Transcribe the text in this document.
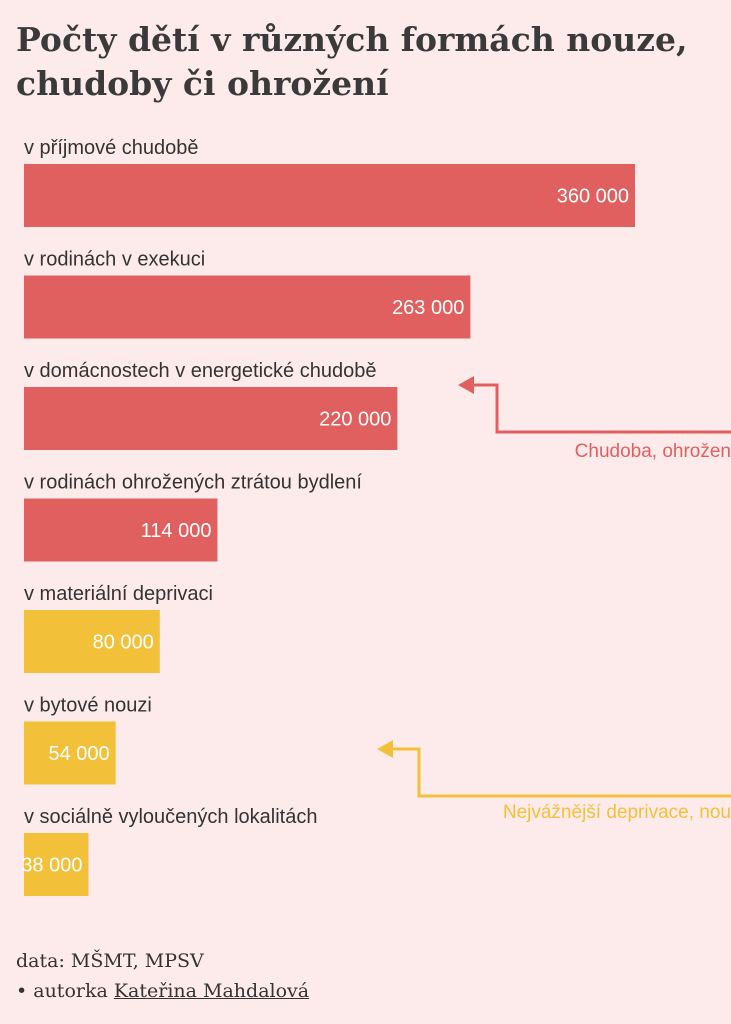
Počty dětí v různých formách nouze, chudoby či ohrožení
v příjmové chudobě
360 000
v rodinách v exekuci
263 000
v domácnostech v energetické chudobě
220 000
v rodinách ohrožených ztrátou bydlení
114 000
v materiální deprivaci
80 000
v bytové nouzi
54 000
v sociálně vyloučených lokalitách
38 000
Chudoba, ohrožen
Nejvážnější deprivace, nou
data: MŠMT, MPSV
• autorka Kateřina Mahdalová
